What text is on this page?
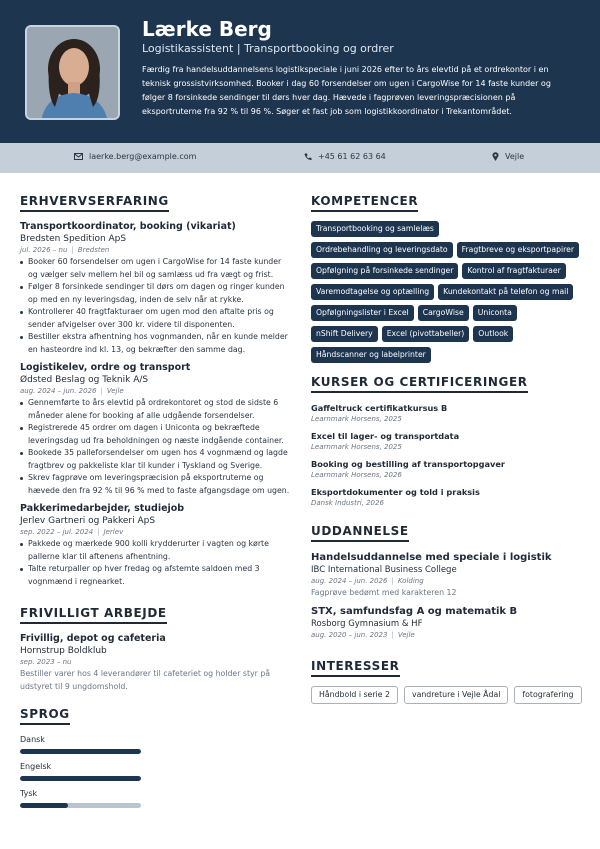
Lærke Berg
Logistikassistent | Transportbooking og ordrer
Færdig fra handelsuddannelsens logistikspeciale i juni 2026 efter to års elevtid på et ordrekontor i en teknisk grossistvirksomhed. Booker i dag 60 forsendelser om ugen i CargoWise for 14 faste kunder og følger 8 forsinkede sendinger til dørs hver dag. Hævede i fagprøven leveringspræcisionen på eksportruterne fra 92 % til 96 %. Søger et fast job som logistikkoordinator i Trekantområdet.
laerke.berg@example.com	+45 61 62 63 64	Vejle
ERHVERVSERFARING
Transportkoordinator, booking (vikariat)
Bredsten Spedition ApS
jul. 2026 – nu | Bredsten
Booker 60 forsendelser om ugen i CargoWise for 14 faste kunder og vælger selv mellem hel bil og samlæss ud fra vægt og frist.
Følger 8 forsinkede sendinger til dørs om dagen og ringer kunden op med en ny leveringsdag, inden de selv når at rykke.
Kontrollerer 40 fragtfakturaer om ugen mod den aftalte pris og sender afvigelser over 300 kr. videre til disponenten.
Bestiller ekstra afhentning hos vognmanden, når en kunde melder en hasteordre ind kl. 13, og bekræfter den samme dag.
Logistikelev, ordre og transport
Ødsted Beslag og Teknik A/S
aug. 2024 – jun. 2026 | Vejle
Gennemførte to års elevtid på ordrekontoret og stod de sidste 6 måneder alene for booking af alle udgående forsendelser.
Registrerede 45 ordrer om dagen i Uniconta og bekræftede leveringsdag ud fra beholdningen og næste indgående container.
Bookede 35 palleforsendelser om ugen hos 4 vognmænd og lagde fragtbrev og pakkeliste klar til kunder i Tyskland og Sverige.
Skrev fagprøve om leveringspræcision på eksportruterne og hævede den fra 92 % til 96 % med to faste afgangsdage om ugen.
Pakkerimedarbejder, studiejob
Jerlev Gartneri og Pakkeri ApS
sep. 2022 – jul. 2024 | Jerlev
Pakkede og mærkede 900 kolli krydderurter i vagten og kørte pallerne klar til aftenens afhentning.
Talte returpaller op hver fredag og afstemte saldoen med 3 vognmænd i regnearket.
FRIVILLIGT ARBEJDE
Frivillig, depot og cafeteria
Hornstrup Boldklub
sep. 2023 – nu
Bestiller varer hos 4 leverandører til cafeteriet og holder styr på udstyret til 9 ungdomshold.
SPROG
Dansk
Engelsk
Tysk
KOMPETENCER
Transportbooking og samlelæs
Ordrebehandling og leveringsdato	Fragtbreve og eksportpapirer
Opfølgning på forsinkede sendinger	Kontrol af fragtfakturaer
Varemodtagelse og optælling	Kundekontakt på telefon og mail
Opfølgningslister i Excel	CargoWise	Uniconta
nShift Delivery	Excel (pivottabeller)	Outlook
Håndscanner og labelprinter
KURSER OG CERTIFICERINGER
Gaffeltruck certifikatkursus B
Learnmark Horsens, 2025
Excel til lager- og transportdata
Learnmark Horsens, 2025
Booking og bestilling af transportopgaver
Learnmark Horsens, 2026
Eksportdokumenter og told i praksis
Dansk Industri, 2026
UDDANNELSE
Handelsuddannelse med speciale i logistik
IBC International Business College
aug. 2024 – jun. 2026 | Kolding
Fagprøve bedømt med karakteren 12
STX, samfundsfag A og matematik B
Rosborg Gymnasium & HF
aug. 2020 – jun. 2023 | Vejle
INTERESSER
Håndbold i serie 2	vandreture i Vejle Ådal	fotografering
